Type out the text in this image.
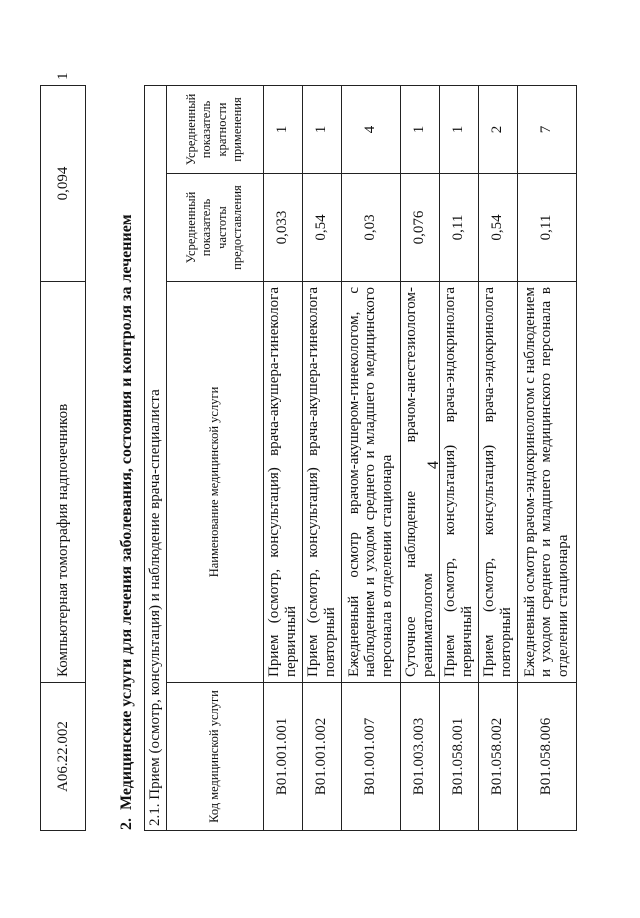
4
A06.22.002	Компьютерная томография надпочечников	0,094	1
2.Медицинские услуги для лечения заболевания, состояния и контроля за лечением 2.1. Прием (осмотр, консультация) и наблюдение врача-специалиста			
Код медицинской услуги	Наименование медицинской услуги	Усредненный показатель частоты предоставления	Усредненный показатель кратности применения
B01.001.001	Прием (осмотр, консультация) врача-акушера-гинеколога первичный	0,033	1
B01.001.002	Прием (осмотр, консультация) врача-акушера-гинеколога повторный	0,54	1
B01.001.007	Ежедневный осмотр врачом-акушером-гинекологом, с наблюдением и уходом среднего и младшего медицинского персонала в отделении стационара	0,03	4
B01.003.003	Суточное наблюдение врачом-анестезиологом-реаниматологом	0,076	1
B01.058.001	Прием (осмотр, консультация) врача-эндокринолога первичный	0,11	1
B01.058.002	Прием (осмотр, консультация) врача-эндокринолога повторный	0,54	2
B01.058.006	Ежедневный осмотр врачом-эндокринологом с наблюдением и уходом среднего и младшего медицинского персонала в отделении стационара	0,11	7
